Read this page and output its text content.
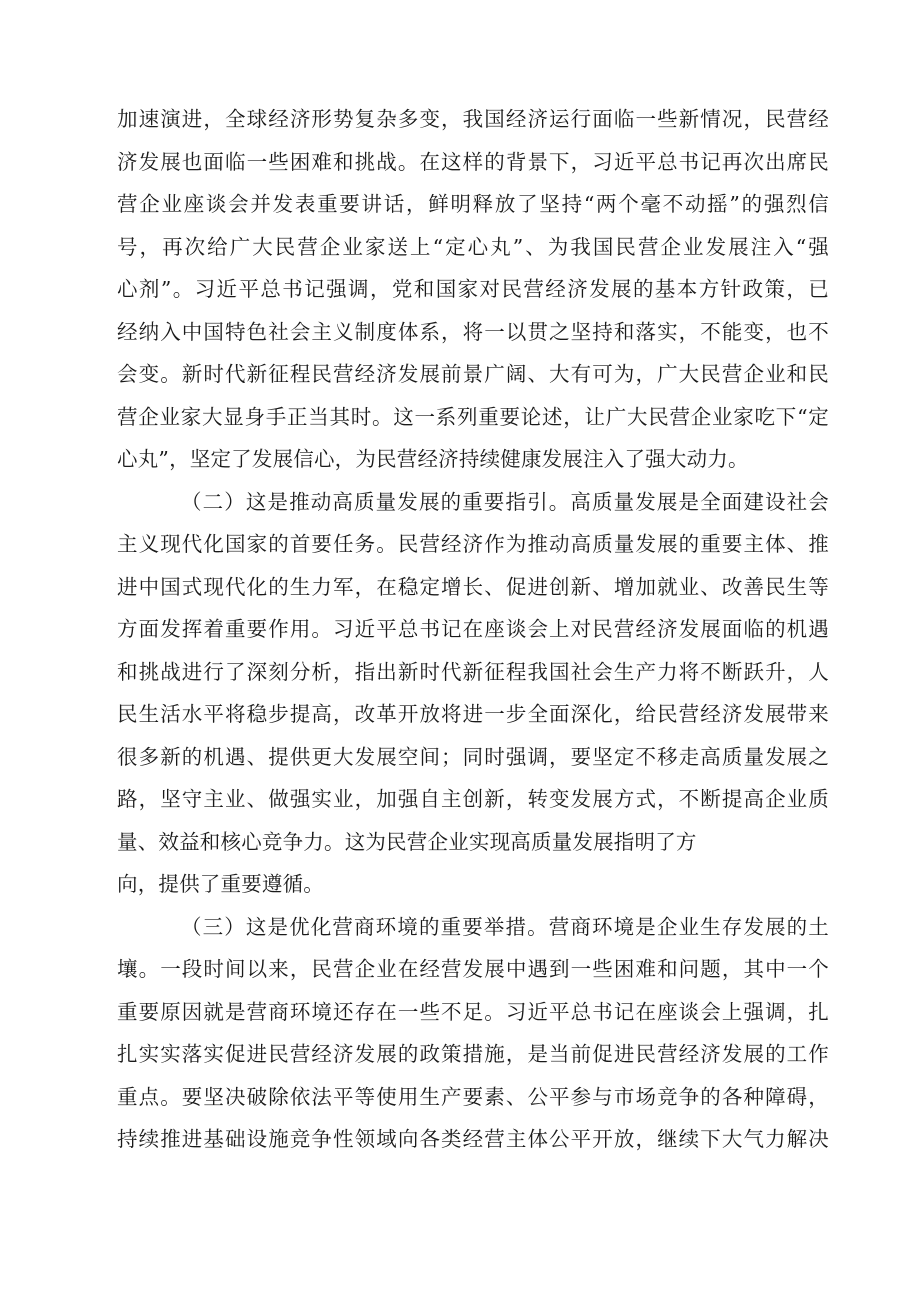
加速演进，全球经济形势复杂多变，我国经济运行面临一些新情况，民营经
济发展也面临一些困难和挑战。在这样的背景下，习近平总书记再次出席民
营企业座谈会并发表重要讲话，鲜明释放了坚持“两个毫不动摇”的强烈信
号，再次给广大民营企业家送上“定心丸”、为我国民营企业发展注入“强
心剂”。习近平总书记强调，党和国家对民营经济发展的基本方针政策，已
经纳入中国特色社会主义制度体系，将一以贯之坚持和落实，不能变，也不
会变。新时代新征程民营经济发展前景广阔、大有可为，广大民营企业和民
营企业家大显身手正当其时。这一系列重要论述，让广大民营企业家吃下“定
心丸”，坚定了发展信心，为民营经济持续健康发展注入了强大动力。
（二）这是推动高质量发展的重要指引。高质量发展是全面建设社会
主义现代化国家的首要任务。民营经济作为推动高质量发展的重要主体、推
进中国式现代化的生力军，在稳定增长、促进创新、增加就业、改善民生等
方面发挥着重要作用。习近平总书记在座谈会上对民营经济发展面临的机遇
和挑战进行了深刻分析，指出新时代新征程我国社会生产力将不断跃升，人
民生活水平将稳步提高，改革开放将进一步全面深化，给民营经济发展带来
很多新的机遇、提供更大发展空间；同时强调，要坚定不移走高质量发展之
路，坚守主业、做强实业，加强自主创新，转变发展方式，不断提高企业质
量、效益和核心竞争力。这为民营企业实现高质量发展指明了方
向，提供了重要遵循。
（三）这是优化营商环境的重要举措。营商环境是企业生存发展的土
壤。一段时间以来，民营企业在经营发展中遇到一些困难和问题，其中一个
重要原因就是营商环境还存在一些不足。习近平总书记在座谈会上强调，扎
扎实实落实促进民营经济发展的政策措施，是当前促进民营经济发展的工作
重点。要坚决破除依法平等使用生产要素、公平参与市场竞争的各种障碍，
持续推进基础设施竞争性领域向各类经营主体公平开放，继续下大气力解决
